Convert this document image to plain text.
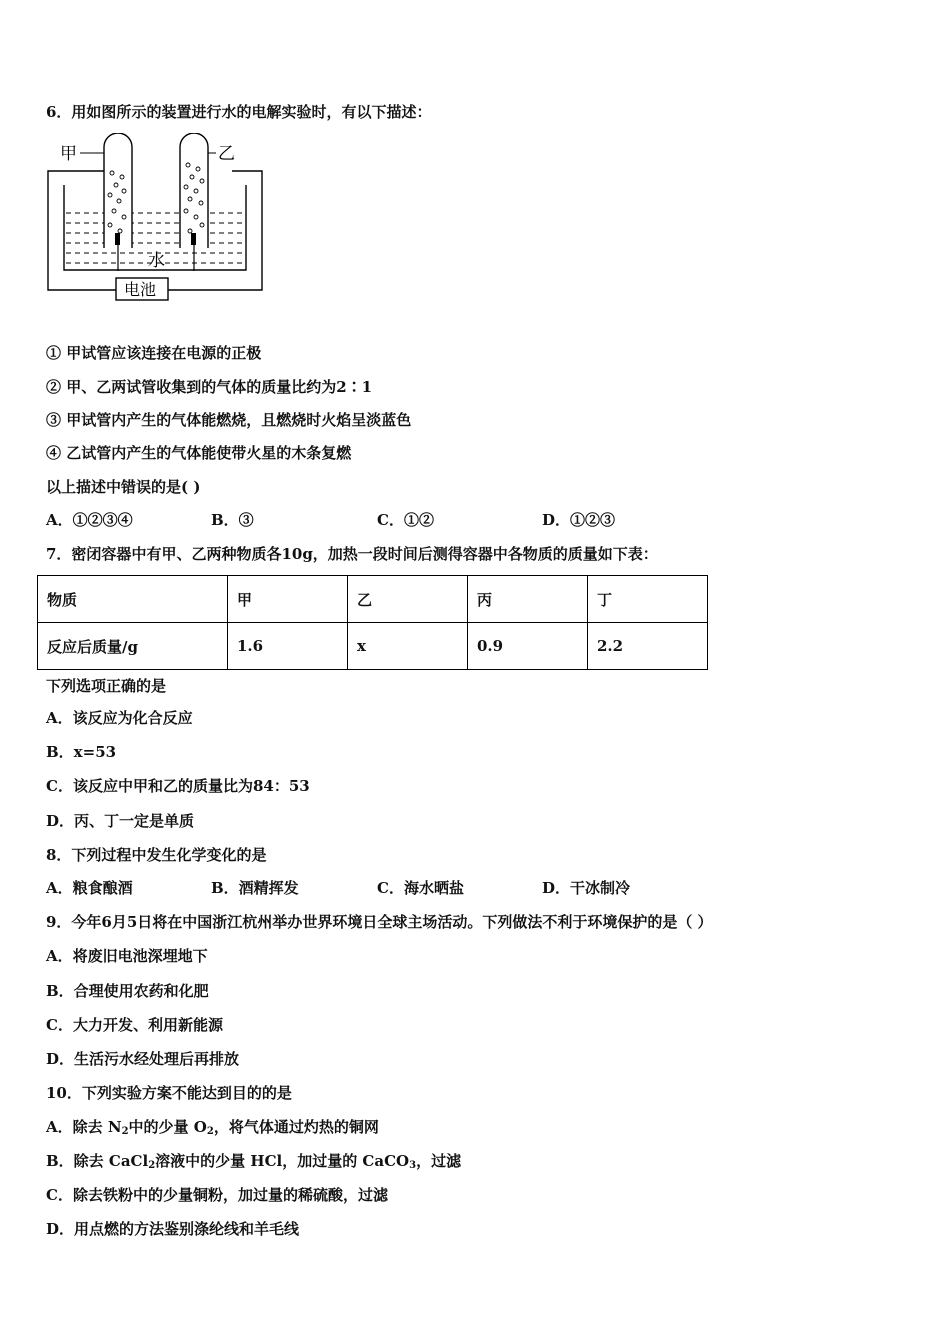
6．用如图所示的装置进行水的电解实验时，有以下描述：
甲	乙
水
电池
① 甲试管应该连接在电源的正极
② 甲、乙两试管收集到的气体的质量比约为2∶1
③ 甲试管内产生的气体能燃烧，且燃烧时火焰呈淡蓝色
④ 乙试管内产生的气体能使带火星的木条复燃
以上描述中错误的是( )
A．①②③④	B．③	C．①②	D．①②③
7．密闭容器中有甲、乙两种物质各10g，加热一段时间后测得容器中各物质的质量如下表：
物质	甲	乙	丙	丁
反应后质量/g	1.6	x	0.9	2.2
下列选项正确的是
A．该反应为化合反应
B．x=53
C．该反应中甲和乙的质量比为84：53
D．丙、丁一定是单质
8．下列过程中发生化学变化的是
A．粮食酿酒	B．酒精挥发	C．海水晒盐	D．干冰制冷
9．今年6月5日将在中国浙江杭州举办世界环境日全球主场活动。下列做法不利于环境保护的是（ ）
A．将废旧电池深埋地下
B．合理使用农药和化肥
C．大力开发、利用新能源
D．生活污水经处理后再排放
10．下列实验方案不能达到目的的是
A．除去 $N_2$中的少量 $O_2$，将气体通过灼热的铜网
B．除去 CaCl$_2$溶液中的少量 HCl，加过量的 CaCO$_3$，过滤
C．除去铁粉中的少量铜粉，加过量的稀硫酸，过滤
D．用点燃的方法鉴别涤纶线和羊毛线
